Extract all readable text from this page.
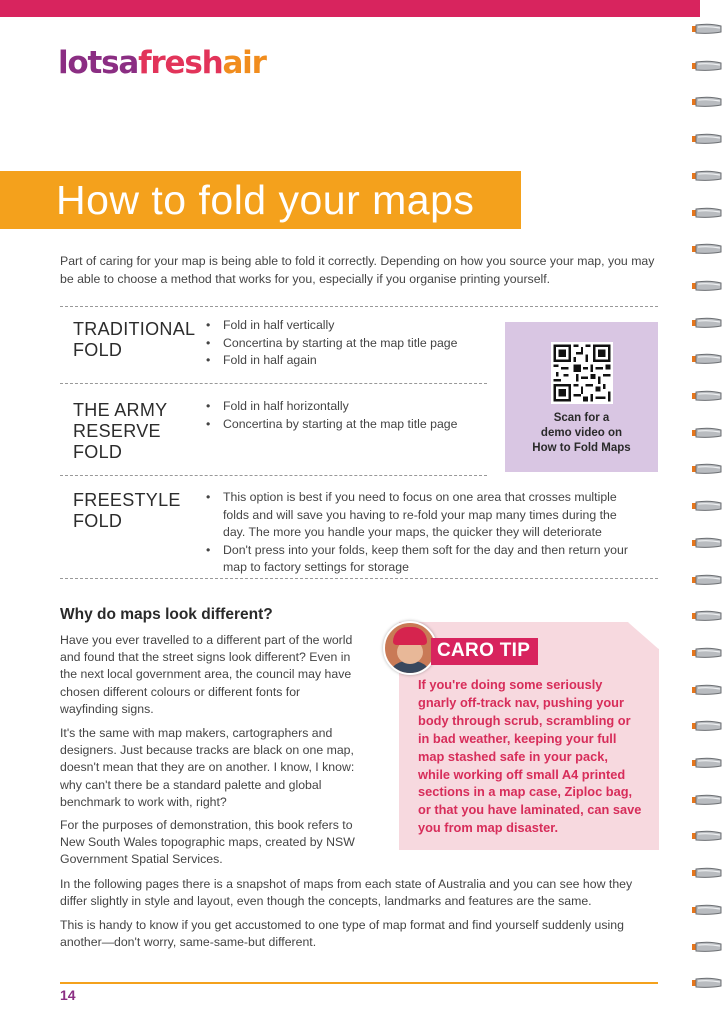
lotsafreshair
How to fold your maps
Part of caring for your map is being able to fold it correctly. Depending on how you source your map, you may be able to choose a method that works for you, especially if you organise printing yourself.
TRADITIONAL
FOLD
• Fold in half vertically
• Concertina by starting at the map title page
• Fold in half again
THE ARMY
RESERVE
FOLD
• Fold in half horizontally
• Concertina by starting at the map title page
FREESTYLE
FOLD
• This option is best if you need to focus on one area that crosses multiple folds and will save you having to re-fold your map many times during the day. The more you handle your maps, the quicker they will deteriorate
• Don't press into your folds, keep them soft for the day and then return your map to factory settings for storage
Scan for a
demo video on
How to Fold Maps
Why do maps look different?
Have you ever travelled to a different part of the world and found that the street signs look different? Even in the next local government area, the council may have chosen different colours or different fonts for wayfinding signs.
It's the same with map makers, cartographers and designers. Just because tracks are black on one map, doesn't mean that they are on another. I know, I know: why can't there be a standard palette and global benchmark to work with, right?
For the purposes of demonstration, this book refers to New South Wales topographic maps, created by NSW Government Spatial Services.
In the following pages there is a snapshot of maps from each state of Australia and you can see how they differ slightly in style and layout, even though the concepts, landmarks and features are the same.
This is handy to know if you get accustomed to one type of map format and find yourself suddenly using another—don't worry, same-same-but different.
CARO TIP
If you're doing some seriously gnarly off-track nav, pushing your body through scrub, scrambling or in bad weather, keeping your full map stashed safe in your pack, while working off small A4 printed sections in a map case, Ziploc bag, or that you have laminated, can save you from map disaster.
14
